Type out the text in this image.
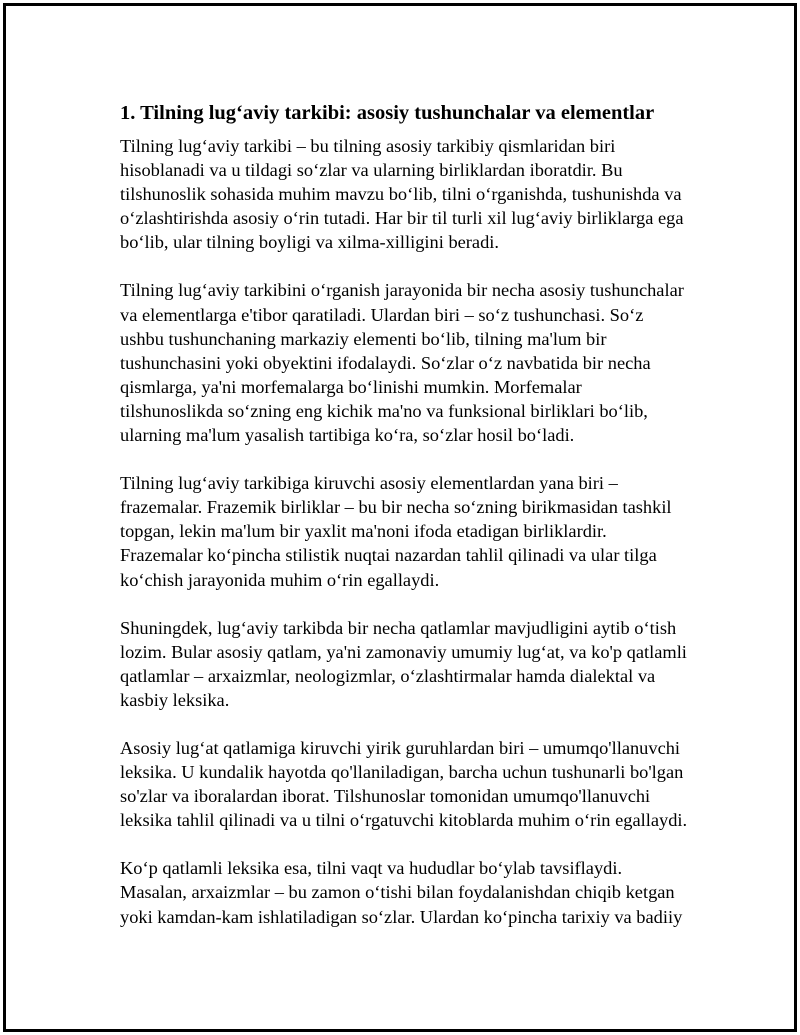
1. Tilning lug‘aviy tarkibi: asosiy tushunchalar va elementlar

Tilning lug‘aviy tarkibi – bu tilning asosiy tarkibiy qismlaridan biri
hisoblanadi va u tildagi so‘zlar va ularning birliklardan iboratdir. Bu
tilshunoslik sohasida muhim mavzu bo‘lib, tilni o‘rganishda, tushunishda va
o‘zlashtirishda asosiy o‘rin tutadi. Har bir til turli xil lug‘aviy birliklarga ega
bo‘lib, ular tilning boyligi va xilma-xilligini beradi.

Tilning lug‘aviy tarkibini o‘rganish jarayonida bir necha asosiy tushunchalar
va elementlarga e'tibor qaratiladi. Ulardan biri – so‘z tushunchasi. So‘z
ushbu tushunchaning markaziy elementi bo‘lib, tilning ma'lum bir
tushunchasini yoki obyektini ifodalaydi. So‘zlar o‘z navbatida bir necha
qismlarga, ya'ni morfemalarga bo‘linishi mumkin. Morfemalar
tilshunoslikda so‘zning eng kichik ma'no va funksional birliklari bo‘lib,
ularning ma'lum yasalish tartibiga ko‘ra, so‘zlar hosil bo‘ladi.

Tilning lug‘aviy tarkibiga kiruvchi asosiy elementlardan yana biri –
frazemalar. Frazemik birliklar – bu bir necha so‘zning birikmasidan tashkil
topgan, lekin ma'lum bir yaxlit ma'noni ifoda etadigan birliklardir.
Frazemalar ko‘pincha stilistik nuqtai nazardan tahlil qilinadi va ular tilga
ko‘chish jarayonida muhim o‘rin egallaydi.

Shuningdek, lug‘aviy tarkibda bir necha qatlamlar mavjudligini aytib o‘tish
lozim. Bular asosiy qatlam, ya'ni zamonaviy umumiy lug‘at, va ko'p qatlamli
qatlamlar – arxaizmlar, neologizmlar, o‘zlashtirmalar hamda dialektal va
kasbiy leksika.

Asosiy lug‘at qatlamiga kiruvchi yirik guruhlardan biri – umumqo'llanuvchi
leksika. U kundalik hayotda qo'llaniladigan, barcha uchun tushunarli bo'lgan
so'zlar va iboralardan iborat. Tilshunoslar tomonidan umumqo'llanuvchi
leksika tahlil qilinadi va u tilni o‘rgatuvchi kitoblarda muhim o‘rin egallaydi.

Ko‘p qatlamli leksika esa, tilni vaqt va hududlar bo‘ylab tavsiflaydi.
Masalan, arxaizmlar – bu zamon o‘tishi bilan foydalanishdan chiqib ketgan
yoki kamdan-kam ishlatiladigan so‘zlar. Ulardan ko‘pincha tarixiy va badiiy
